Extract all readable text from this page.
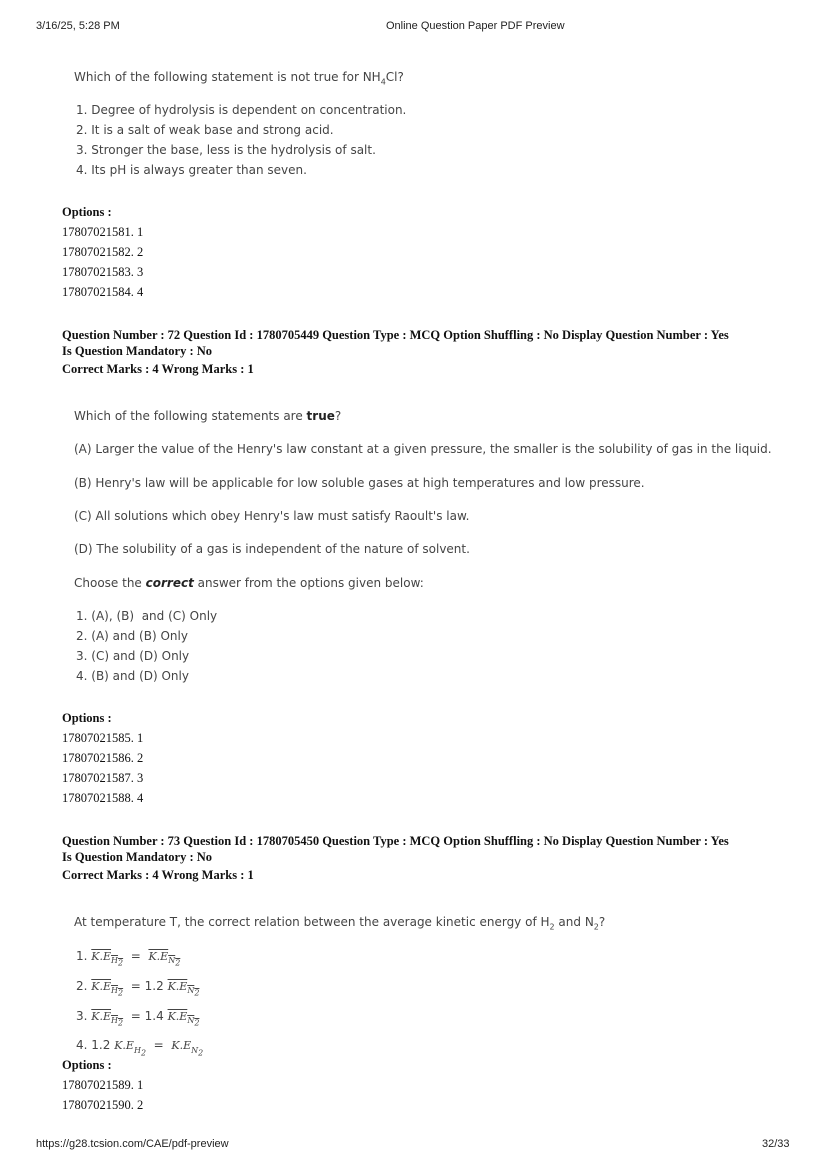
3/16/25, 5:28 PM	Online Question Paper PDF Preview
Which of the following statement is not true for $NH_4Cl$?
1. Degree of hydrolysis is dependent on concentration.
2. It is a salt of weak base and strong acid.
3. Stronger the base, less is the hydrolysis of salt.
4. Its pH is always greater than seven.
Options :
17807021581. 1
17807021582. 2
17807021583. 3
17807021584. 4
Question Number : 72 Question Id : 1780705449 Question Type : MCQ Option Shuffling : No Display Question Number : Yes
Is Question Mandatory : No
Correct Marks : 4 Wrong Marks : 1
Which of the following statements are true?
(A) Larger the value of the Henry's law constant at a given pressure, the smaller is the solubility of gas in the liquid.
(B) Henry's law will be applicable for low soluble gases at high temperatures and low pressure.
(C) All solutions which obey Henry's law must satisfy Raoult's law.
(D) The solubility of a gas is independent of the nature of solvent.
Choose the correct answer from the options given below:
1. (A), (B)  and (C) Only
2. (A) and (B) Only
3. (C) and (D) Only
4. (B) and (D) Only
Options :
17807021585. 1
17807021586. 2
17807021587. 3
17807021588. 4
Question Number : 73 Question Id : 1780705450 Question Type : MCQ Option Shuffling : No Display Question Number : Yes
Is Question Mandatory : No
Correct Marks : 4 Wrong Marks : 1
At temperature T, the correct relation between the average kinetic energy of $H_2$ and $N_2$?
1. $K.E_{H_2} = K.E_{N_2}$
2. $K.E_{H_2} = 1.2$ $K.E_{N_2}$
3. $K.E_{H_2} = 1.4$ $K.E_{N_2}$
4. 1.2 $K.E_{H_2} = K.E_{N_2}$
Options :
17807021589. 1
17807021590. 2
https://g28.tcsion.com/CAE/pdf-preview	32/33
